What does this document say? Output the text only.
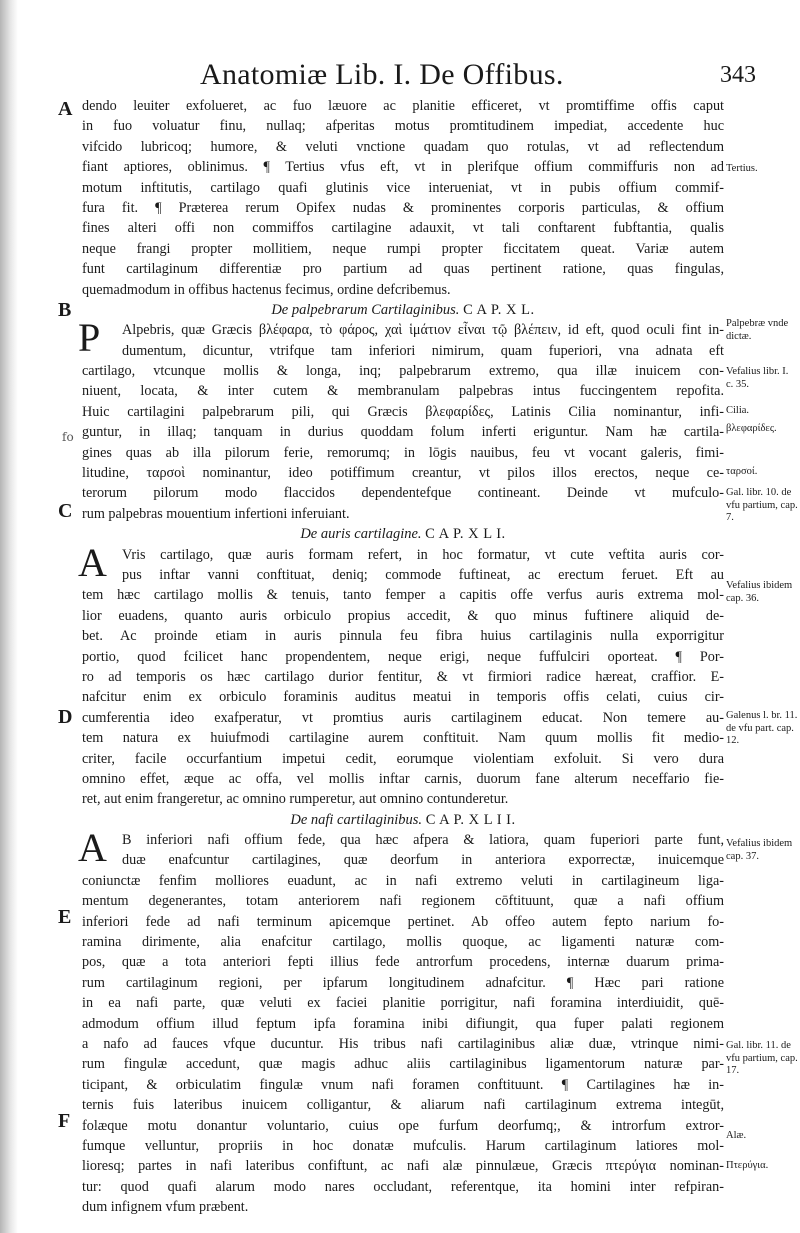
Anatomiæ Lib. I. De Offibus.	343
A
B
C
D
E
F
fo
dendo leuiter exfolueret, ac fuo læuore ac planitie efficeret, vt promtiffime offis caput
in fuo voluatur finu, nullaq; afperitas motus promtitudinem impediat, accedente huc
vifcido lubricoq; humore, & veluti vnctione quadam quo rotulas, vt ad reflectendum
fiant aptiores, oblinimus. ¶ Tertius vfus eft, vt in plerifque offium commiffuris non ad
motum inftitutis, cartilago quafi glutinis vice interueniat, vt in pubis offium commif-
fura fit. ¶ Præterea rerum Opifex nudas & prominentes corporis particulas, & offium
fines alteri offi non commiffos cartilagine adauxit, vt tali conftarent fubftantia, qualis
neque frangi propter mollitiem, neque rumpi propter ficcitatem queat. Variæ autem
funt cartilaginum differentiæ pro partium ad quas pertinent ratione, quas fingulas,
quemadmodum in offibus hactenus fecimus, ordine defcribemus.
De palpebrarum Cartilaginibus. C A P. X L.
P	Alpebris, quæ Græcis βλέφαρα, τὸ φάρος, χαὶ ἱμάτιον εἶναι τῷ βλέπειν, id eft, quod oculi fint in-
dumentum, dicuntur, vtrifque tam inferiori nimirum, quam fuperiori, vna adnata eft
cartilago, vtcunque mollis & longa, inq; palpebrarum extremo, qua illæ inuicem con-
niuent, locata, & inter cutem & membranulam palpebras intus fuccingentem repofita.
Huic cartilagini palpebrarum pili, qui Græcis βλεφαρίδες, Latinis Cilia nominantur, infi-
guntur, in illaq; tanquam in durius quoddam folum inferti eriguntur. Nam hæ cartila-
gines quas ab illa pilorum ferie, remorumq; in lōgis nauibus, feu vt vocant galeris, fimi-
litudine, ταρσοὶ nominantur, ideo potiffimum creantur, vt pilos illos erectos, neque ce-
terorum pilorum modo flaccidos dependentefque contineant. Deinde vt mufculo-
rum palpebras mouentium infertioni inferuiant.
De auris cartilagine. C A P. X L I.
A	Vris cartilago, quæ auris formam refert, in hoc formatur, vt cute veftita auris cor-
pus inftar vanni conftituat, deniq; commode fuftineat, ac erectum feruet. Eft au
tem hæc cartilago mollis & tenuis, tanto femper a capitis offe verfus auris extrema mol-
lior euadens, quanto auris orbiculo propius accedit, & quo minus fuftinere aliquid de-
bet. Ac proinde etiam in auris pinnula feu fibra huius cartilaginis nulla exporrigitur
portio, quod fcilicet hanc propendentem, neque erigi, neque fuffulciri oporteat. ¶ Por-
ro ad temporis os hæc cartilago durior fentitur, & vt firmiori radice hæreat, craffior. E-
nafcitur enim ex orbiculo foraminis auditus meatui in temporis offis celati, cuius cir-
cumferentia ideo exafperatur, vt promtius auris cartilaginem educat. Non temere au-
tem natura ex huiufmodi cartilagine aurem conftituit. Nam quum mollis fit medio-
criter, facile occurfantium impetui cedit, eorumque violentiam exfoluit. Si vero dura
omnino effet, æque ac offa, vel mollis inftar carnis, duorum fane alterum neceffario fie-
ret, aut enim frangeretur, ac omnino rumperetur, aut omnino contunderetur.
De nafi cartilaginibus. C A P. X L I I.
A	B inferiori nafi offium fede, qua hæc afpera & latiora, quam fuperiori parte funt,
duæ enafcuntur cartilagines, quæ deorfum in anteriora exporrectæ, inuicemque
coniunctæ fenfim molliores euadunt, ac in nafi extremo veluti in cartilagineum liga-
mentum degenerantes, totam anteriorem nafi regionem cōftituunt, quæ a nafi offium
inferiori fede ad nafi terminum apicemque pertinet. Ab offeo autem fepto narium fo-
ramina dirimente, alia enafcitur cartilago, mollis quoque, ac ligamenti naturæ com-
pos, quæ a tota anteriori fepti illius fede antrorfum procedens, internæ duarum prima-
rum cartilaginum regioni, per ipfarum longitudinem adnafcitur. ¶ Hæc pari ratione
in ea nafi parte, quæ veluti ex faciei planitie porrigitur, nafi foramina interdiuidit, quē-
admodum offium illud feptum ipfa foramina inibi difiungit, qua fuper palati regionem
a nafo ad fauces vfque ducuntur. His tribus nafi cartilaginibus aliæ duæ, vtrinque nimi-
rum fingulæ accedunt, quæ magis adhuc aliis cartilaginibus ligamentorum naturæ par-
ticipant, & orbiculatim fingulæ vnum nafi foramen conftituunt. ¶ Cartilagines hæ in-
ternis fuis lateribus inuicem colligantur, & aliarum nafi cartilaginum extrema integūt,
folæque motu donantur voluntario, cuius ope furfum deorfumq;, & introrfum extror-
fumque velluntur, propriis in hoc donatæ mufculis. Harum cartilaginum latiores mol-
lioresq; partes in nafi lateribus confiftunt, ac nafi alæ pinnulæue, Græcis πτερύγια nominan-
tur: quod quafi alarum modo nares occludant, referentque, ita homini inter refpiran-
dum infignem vfum præbent.
Tertius.
Palpebræ vnde dictæ.
Vefalius libr. I. c. 35.
Cilia.
βλεφαρίδες.
ταρσοί.
Gal. libr. 10. de vfu partium, cap. 7.
Vefalius ibidem cap. 36.
Galenus l. br. 11. de vfu part. cap. 12.
Vefalius ibidem cap. 37.
Gal. libr. 11. de vfu partium, cap. 17.
Alæ.
Πτερύγια.
